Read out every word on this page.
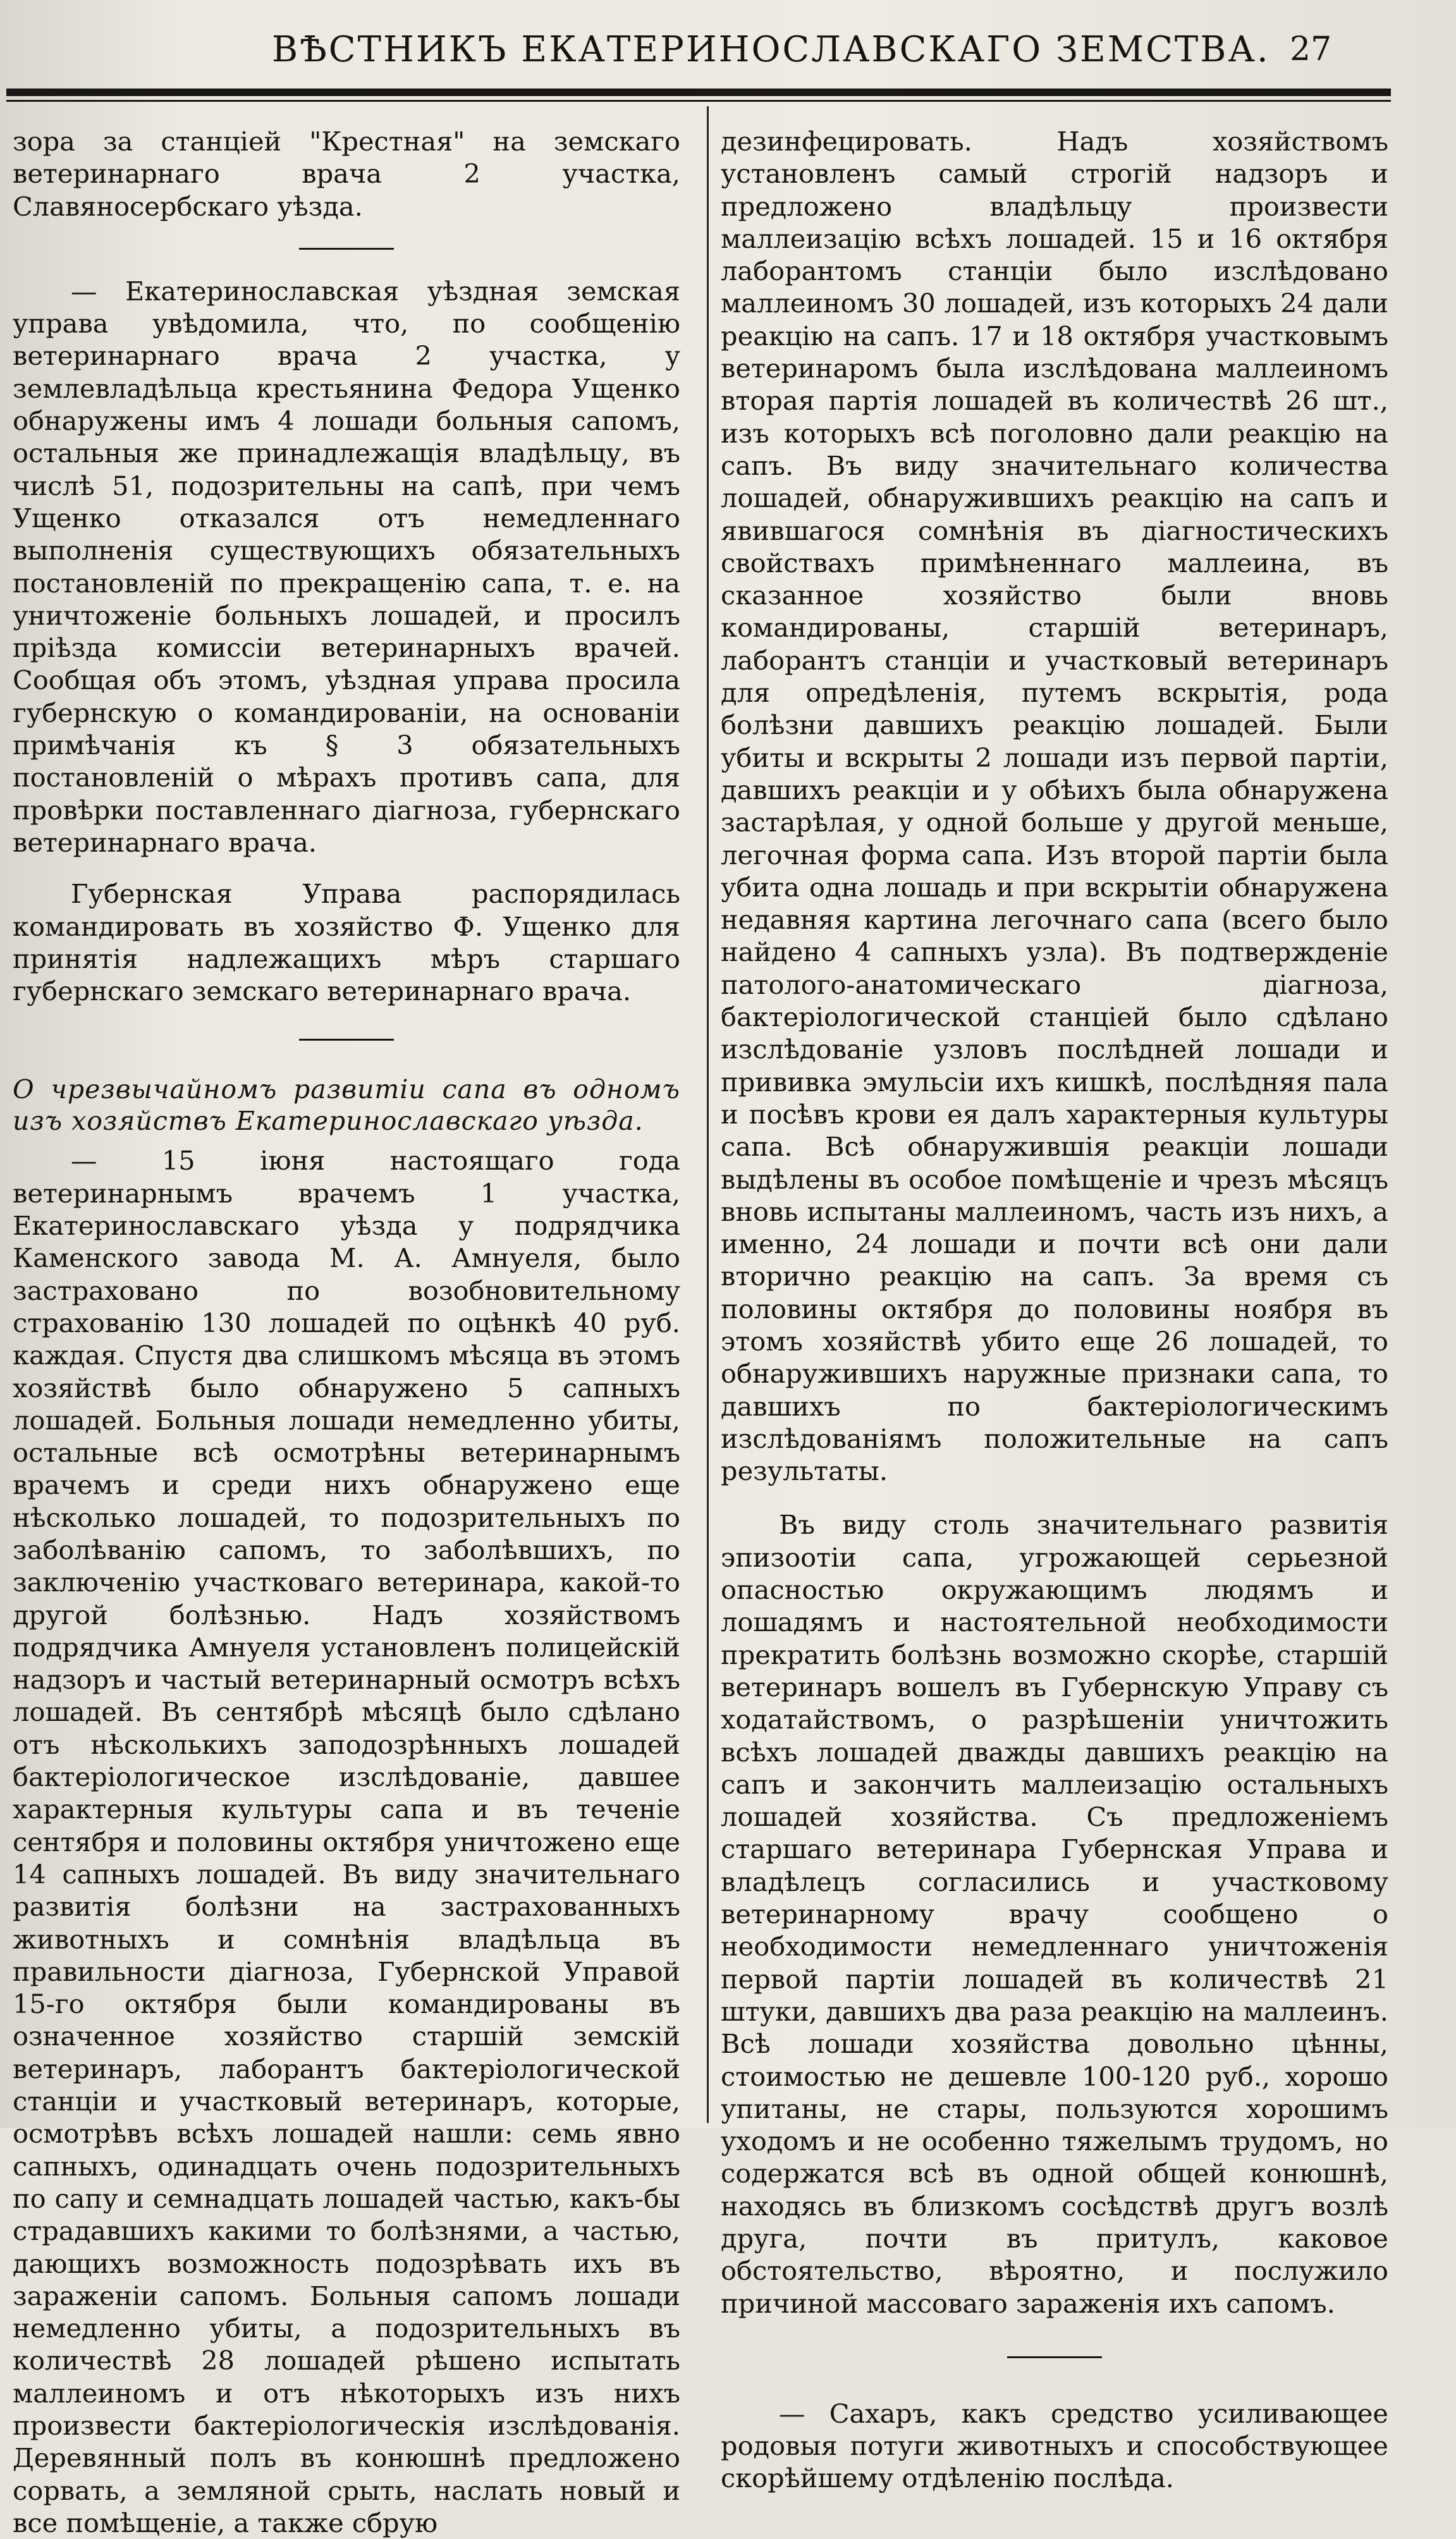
ВѢСТНИКЪ ЕКАТЕРИНОСЛАВСКАГО ЗЕМСТВА. 27

зора за станцiей "Крестная" на земскаго ветеринарнаго врача 2 участка, Славяносербскаго уѣзда.

— Екатеринославская уѣздная земская управа увѣдомила, что, по сообщенiю ветеринарнаго врача 2 участка, у землевладѣльца крестьянина Федора Ущенко обнаружены имъ 4 лошади больныя сапомъ, остальныя же принадлежащiя владѣльцу, въ числѣ 51, подозрительны на сапѣ, при чемъ Ущенко отказался отъ немедленнаго выполненiя существующихъ обязательныхъ постановленiй по прекращенiю сапа, т. е. на уничтоженiе больныхъ лошадей, и просилъ прiѣзда комиссiи ветеринарныхъ врачей. Сообщая объ этомъ, уѣздная управа просила губернскую о командированiи, на основанiи примѣчанiя къ § 3 обязательныхъ постановленiй о мѣрахъ противъ сапа, для провѣрки поставленнаго дiагноза, губернскаго ветеринарнаго врача.

Губернская Управа распорядилась командировать въ хозяйство Ф. Ущенко для принятiя надлежащихъ мѣръ старшаго губернскаго земскаго ветеринарнаго врача.

О чрезвычайномъ развитiи сапа въ одномъ изъ хозяйствъ Екатеринославскаго уѣзда.

— 15 iюня настоящаго года ветеринарнымъ врачемъ 1 участка, Екатеринославскаго уѣзда у подрядчика Каменского завода М. А. Амнуеля, было застраховано по возобновительному страхованiю 130 лошадей по оцѣнкѣ 40 руб. каждая. Спустя два слишкомъ мѣсяца въ этомъ хозяйствѣ было обнаружено 5 сапныхъ лошадей. Больныя лошади немедленно убиты, остальные всѣ осмотрѣны ветеринарнымъ врачемъ и среди нихъ обнаружено еще нѣсколько лошадей, то подозрительныхъ по заболѣванiю сапомъ, то заболѣвшихъ, по заключенiю участковаго ветеринара, какой-то другой болѣзнью. Надъ хозяйствомъ подрядчика Амнуеля установленъ полицейскiй надзоръ и частый ветеринарный осмотръ всѣхъ лошадей. Въ сентябрѣ мѣсяцѣ было сдѣлано отъ нѣсколькихъ заподозрѣнныхъ лошадей бактерiологическое изслѣдованiе, давшее характерныя культуры сапа и въ теченiе сентября и половины октября уничтожено еще 14 сапныхъ лошадей. Въ виду значительнаго развитiя болѣзни на застрахованныхъ животныхъ и сомнѣнiя владѣльца въ правильности дiагноза, Губернской Управой 15-го октября были командированы въ означенное хозяйство старшiй земскiй ветеринаръ, лаборантъ бактерiологической станцiи и участковый ветеринаръ, которые, осмотрѣвъ всѣхъ лошадей нашли: семь явно сапныхъ, одинадцать очень подозрительныхъ по сапу и семнадцать лошадей частью, какъ-бы страдавшихъ какими то болѣзнями, а частью, дающихъ возможность подозрѣвать ихъ въ зараженiи сапомъ. Больныя сапомъ лошади немедленно убиты, а подозрительныхъ въ количествѣ 28 лошадей рѣшено испытать маллеиномъ и отъ нѣкоторыхъ изъ нихъ произвести бактерiологическiя изслѣдованiя. Деревянный полъ въ конюшнѣ предложено сорвать, а земляной срыть, наслать новый и все помѣщенiе, а также сбрую

дезинфецировать. Надъ хозяйствомъ установленъ самый строгiй надзоръ и предложено владѣльцу произвести маллеизацiю всѣхъ лошадей. 15 и 16 октября лаборантомъ станцiи было изслѣдовано маллеиномъ 30 лошадей, изъ которыхъ 24 дали реакцiю на сапъ. 17 и 18 октября участковымъ ветеринаромъ была изслѣдована маллеиномъ вторая партiя лошадей въ количествѣ 26 шт., изъ которыхъ всѣ поголовно дали реакцiю на сапъ. Въ виду значительнаго количества лошадей, обнаружившихъ реакцiю на сапъ и явившагося сомнѣнiя въ дiагностическихъ свойствахъ примѣненнаго маллеина, въ сказанное хозяйство были вновь командированы, старшiй ветеринаръ, лаборантъ станцiи и участковый ветеринаръ для опредѣленiя, путемъ вскрытiя, рода болѣзни давшихъ реакцiю лошадей. Были убиты и вскрыты 2 лошади изъ первой партiи, давшихъ реакцiи и у обѣихъ была обнаружена застарѣлая, у одной больше у другой меньше, легочная форма сапа. Изъ второй партiи была убита одна лошадь и при вскрытiи обнаружена недавняя картина легочнаго сапа (всего было найдено 4 сапныхъ узла). Въ подтвержденiе патолого-анатомическаго дiагноза, бактерiологической станцiей было сдѣлано изслѣдованiе узловъ послѣдней лошади и прививка эмульсiи ихъ кишкѣ, послѣдняя пала и посѣвъ крови ея далъ характерныя культуры сапа. Всѣ обнаружившiя реакцiи лошади выдѣлены въ особое помѣщенiе и чрезъ мѣсяцъ вновь испытаны маллеиномъ, часть изъ нихъ, а именно, 24 лошади и почти всѣ они дали вторично реакцiю на сапъ. За время съ половины октября до половины ноября въ этомъ хозяйствѣ убито еще 26 лошадей, то обнаружившихъ наружные признаки сапа, то давшихъ по бактерiологическимъ изслѣдованiямъ положительные на сапъ результаты.

Въ виду столь значительнаго развитiя эпизоотiи сапа, угрожающей серьезной опасностью окружающимъ людямъ и лошадямъ и настоятельной необходимости прекратить болѣзнь возможно скорѣе, старшiй ветеринаръ вошелъ въ Губернскую Управу съ ходатайствомъ, о разрѣшенiи уничтожить всѣхъ лошадей дважды давшихъ реакцiю на сапъ и закончить маллеизацiю остальныхъ лошадей хозяйства. Съ предложенiемъ старшаго ветеринара Губернская Управа и владѣлецъ согласились и участковому ветеринарному врачу сообщено о необходимости немедленнаго уничтоженiя первой партiи лошадей въ количествѣ 21 штуки, давшихъ два раза реакцiю на маллеинъ. Всѣ лошади хозяйства довольно цѣнны, стоимостью не дешевле 100-120 руб., хорошо упитаны, не стары, пользуются хорошимъ уходомъ и не особенно тяжелымъ трудомъ, но содержатся всѣ въ одной общей конюшнѣ, находясь въ близкомъ сосѣдствѣ другъ возлѣ друга, почти въ притулъ, каковое обстоятельство, вѣроятно, и послужило причиной массоваго зараженiя ихъ сапомъ.

— Сахаръ, какъ средство усиливающее родовыя потуги животныхъ и способствующее скорѣйшему отдѣленiю послѣда.
